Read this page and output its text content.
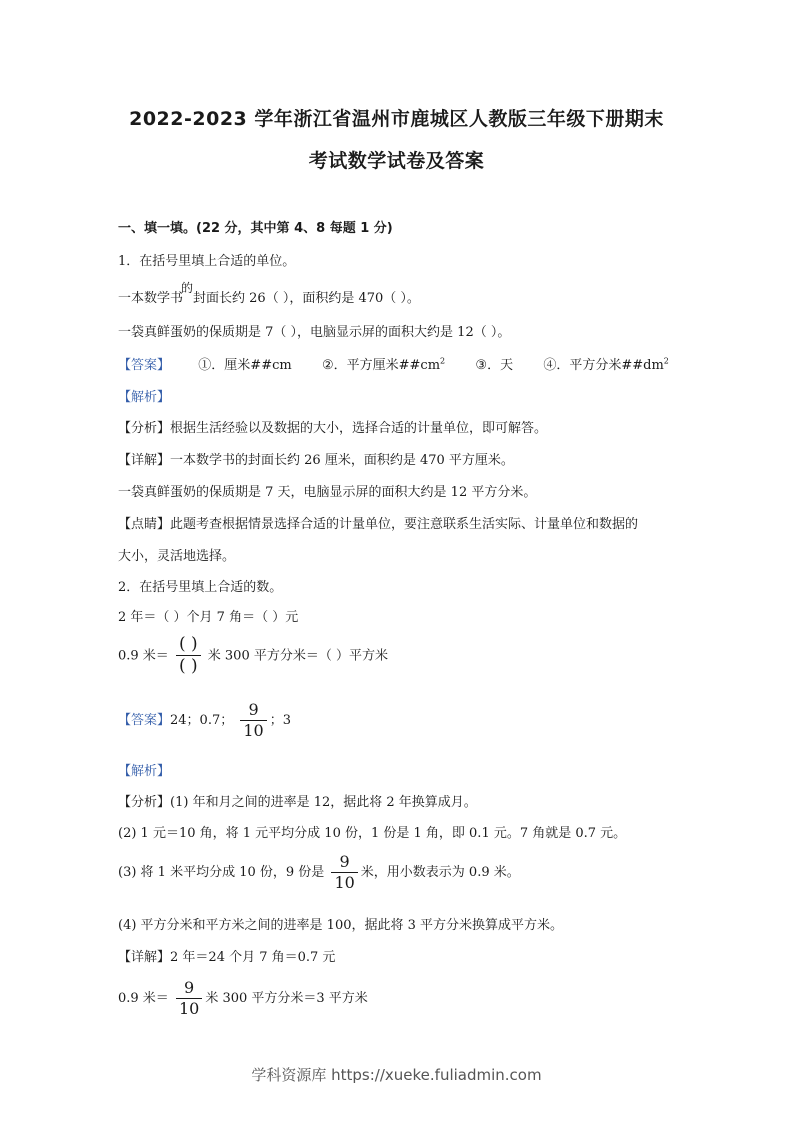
2022-2023 学年浙江省温州市鹿城区人教版三年级下册期末
考试数学试卷及答案
一、填一填。(22 分，其中第 4、8 每题 1 分)
1．在括号里填上合适的单位。
一本数学书的封面长约 26（ ），面积约是 470（ ）。
一袋真鲜蛋奶的保质期是 7（ ），电脑显示屏的面积大约是 12（ ）。
【答案】 ①．厘米##cm ②．平方厘米$\#\#cm^2$ ③．天 ④．平方分米$\#\#dm^2$
【解析】
【分析】根据生活经验以及数据的大小，选择合适的计量单位，即可解答。
【详解】一本数学书的封面长约 26 厘米，面积约是 470 平方厘米。
一袋真鲜蛋奶的保质期是 7 天，电脑显示屏的面积大约是 12 平方分米。
【点睛】此题考查根据情景选择合适的计量单位，要注意联系生活实际、计量单位和数据的
大小，灵活地选择。
2．在括号里填上合适的数。
2 年＝（ ）个月 7 角＝（ ）元
0.9 米＝ $\frac{( )}{( )}$ 米 300 平方分米＝（ ）平方米
【答案】24；0.7； $\frac{9}{10}$ ；3
【解析】
【分析】(1) 年和月之间的进率是 12，据此将 2 年换算成月。
(2) 1 元＝10 角，将 1 元平均分成 10 份，1 份是 1 角，即 0.1 元。7 角就是 0.7 元。
(3) 将 1 米平均分成 10 份，9 份是 $\frac{9}{10}$ 米，用小数表示为 0.9 米。
(4) 平方分米和平方米之间的进率是 100，据此将 3 平方分米换算成平方米。
【详解】2 年＝24 个月 7 角＝0.7 元
0.9 米＝ $\frac{9}{10}$ 米 300 平方分米＝3 平方米
学科资源库 https://xueke.fuliadmin.com
